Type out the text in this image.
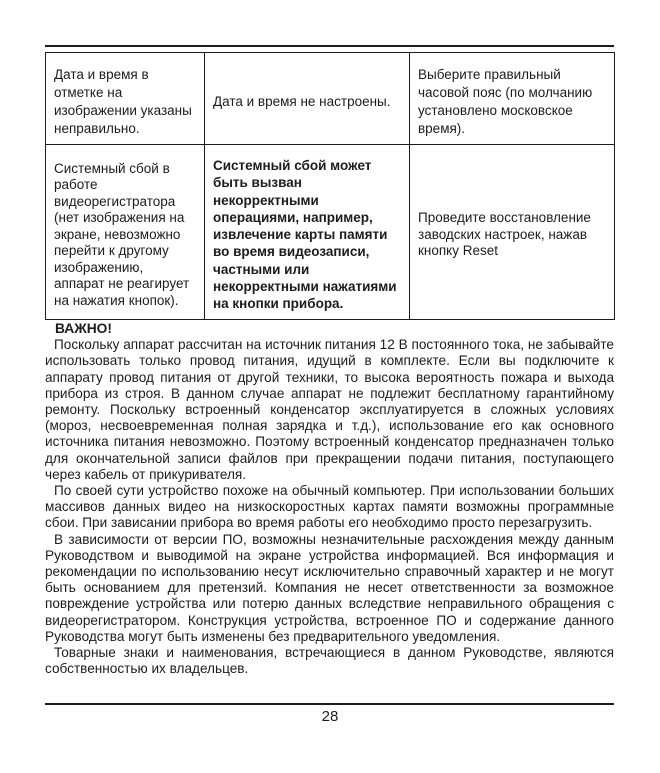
Дата и время в отметке на изображении указаны неправильно.	Дата и время не настроены.	Выберите правильный часовой пояс (по молчанию установлено московское время).
Системный сбой в работе видеорегистратора (нет изображения на экране, невозможно перейти к другому изображению, аппарат не реагирует на нажатия кнопок).	Системный сбой может быть вызван некорректными операциями, например, извлечение карты памяти во время видеозаписи, частными или некорректными нажатиями на кнопки прибора.	Проведите восстановление заводских настроек, нажав кнопку Reset
ВАЖНО!

Поскольку аппарат рассчитан на источник питания 12 В постоянного тока, не забывайте использовать только провод питания, идущий в комплекте. Если вы подключите к аппарату провод питания от другой техники, то высока вероятность пожара и выхода прибора из строя. В данном случае аппарат не подлежит бесплатному гарантийному ремонту. Поскольку встроенный конденсатор эксплуатируется в сложных условиях (мороз, несвоевременная полная зарядка и т.д.), использование его как основного источника питания невозможно. Поэтому встроенный конденсатор предназначен только для окончательной записи файлов при прекращении подачи питания, поступающего через кабель от прикуривателя.

По своей сути устройство похоже на обычный компьютер. При использовании больших массивов данных видео на низкоскоростных картах памяти возможны программные сбои. При зависании прибора во время работы его необходимо просто перезагрузить.

В зависимости от версии ПО, возможны незначительные расхождения между данным Руководством и выводимой на экране устройства информацией. Вся информация и рекомендации по использованию несут исключительно справочный характер и не могут быть основанием для претензий. Компания не несет ответственности за возможное повреждение устройства или потерю данных вследствие неправильного обращения с видеорегистратором. Конструкция устройства, встроенное ПО и содержание данного Руководства могут быть изменены без предварительного уведомления.

Товарные знаки и наименования, встречающиеся в данном Руководстве, являются собственностью их владельцев.

28
